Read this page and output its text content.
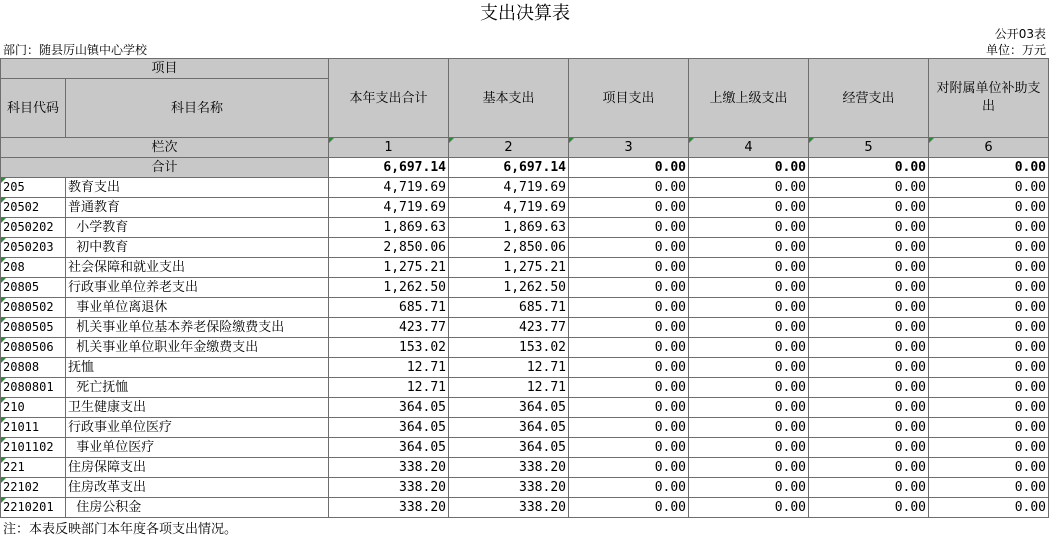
支出决算表
公开03表
部门：随县厉山镇中心学校	单位：万元
项目		本年支出合计	基本支出	项目支出	上缴上级支出	经营支出	对附属单位补助支出
科目代码	科目名称						
栏次		1	2	3	4	5	6
合计		6,697.14	6,697.14	0.00	0.00	0.00	0.00
205	教育支出	4,719.69	4,719.69	0.00	0.00	0.00	0.00
20502	普通教育	4,719.69	4,719.69	0.00	0.00	0.00	0.00
2050202	小学教育	1,869.63	1,869.63	0.00	0.00	0.00	0.00
2050203	初中教育	2,850.06	2,850.06	0.00	0.00	0.00	0.00
208	社会保障和就业支出	1,275.21	1,275.21	0.00	0.00	0.00	0.00
20805	行政事业单位养老支出	1,262.50	1,262.50	0.00	0.00	0.00	0.00
2080502	事业单位离退休	685.71	685.71	0.00	0.00	0.00	0.00
2080505	机关事业单位基本养老保险缴费支出	423.77	423.77	0.00	0.00	0.00	0.00
2080506	机关事业单位职业年金缴费支出	153.02	153.02	0.00	0.00	0.00	0.00
20808	抚恤	12.71	12.71	0.00	0.00	0.00	0.00
2080801	死亡抚恤	12.71	12.71	0.00	0.00	0.00	0.00
210	卫生健康支出	364.05	364.05	0.00	0.00	0.00	0.00
21011	行政事业单位医疗	364.05	364.05	0.00	0.00	0.00	0.00
2101102	事业单位医疗	364.05	364.05	0.00	0.00	0.00	0.00
221	住房保障支出	338.20	338.20	0.00	0.00	0.00	0.00
22102	住房改革支出	338.20	338.20	0.00	0.00	0.00	0.00
2210201	住房公积金	338.20	338.20	0.00	0.00	0.00	0.00
注：本表反映部门本年度各项支出情况。
